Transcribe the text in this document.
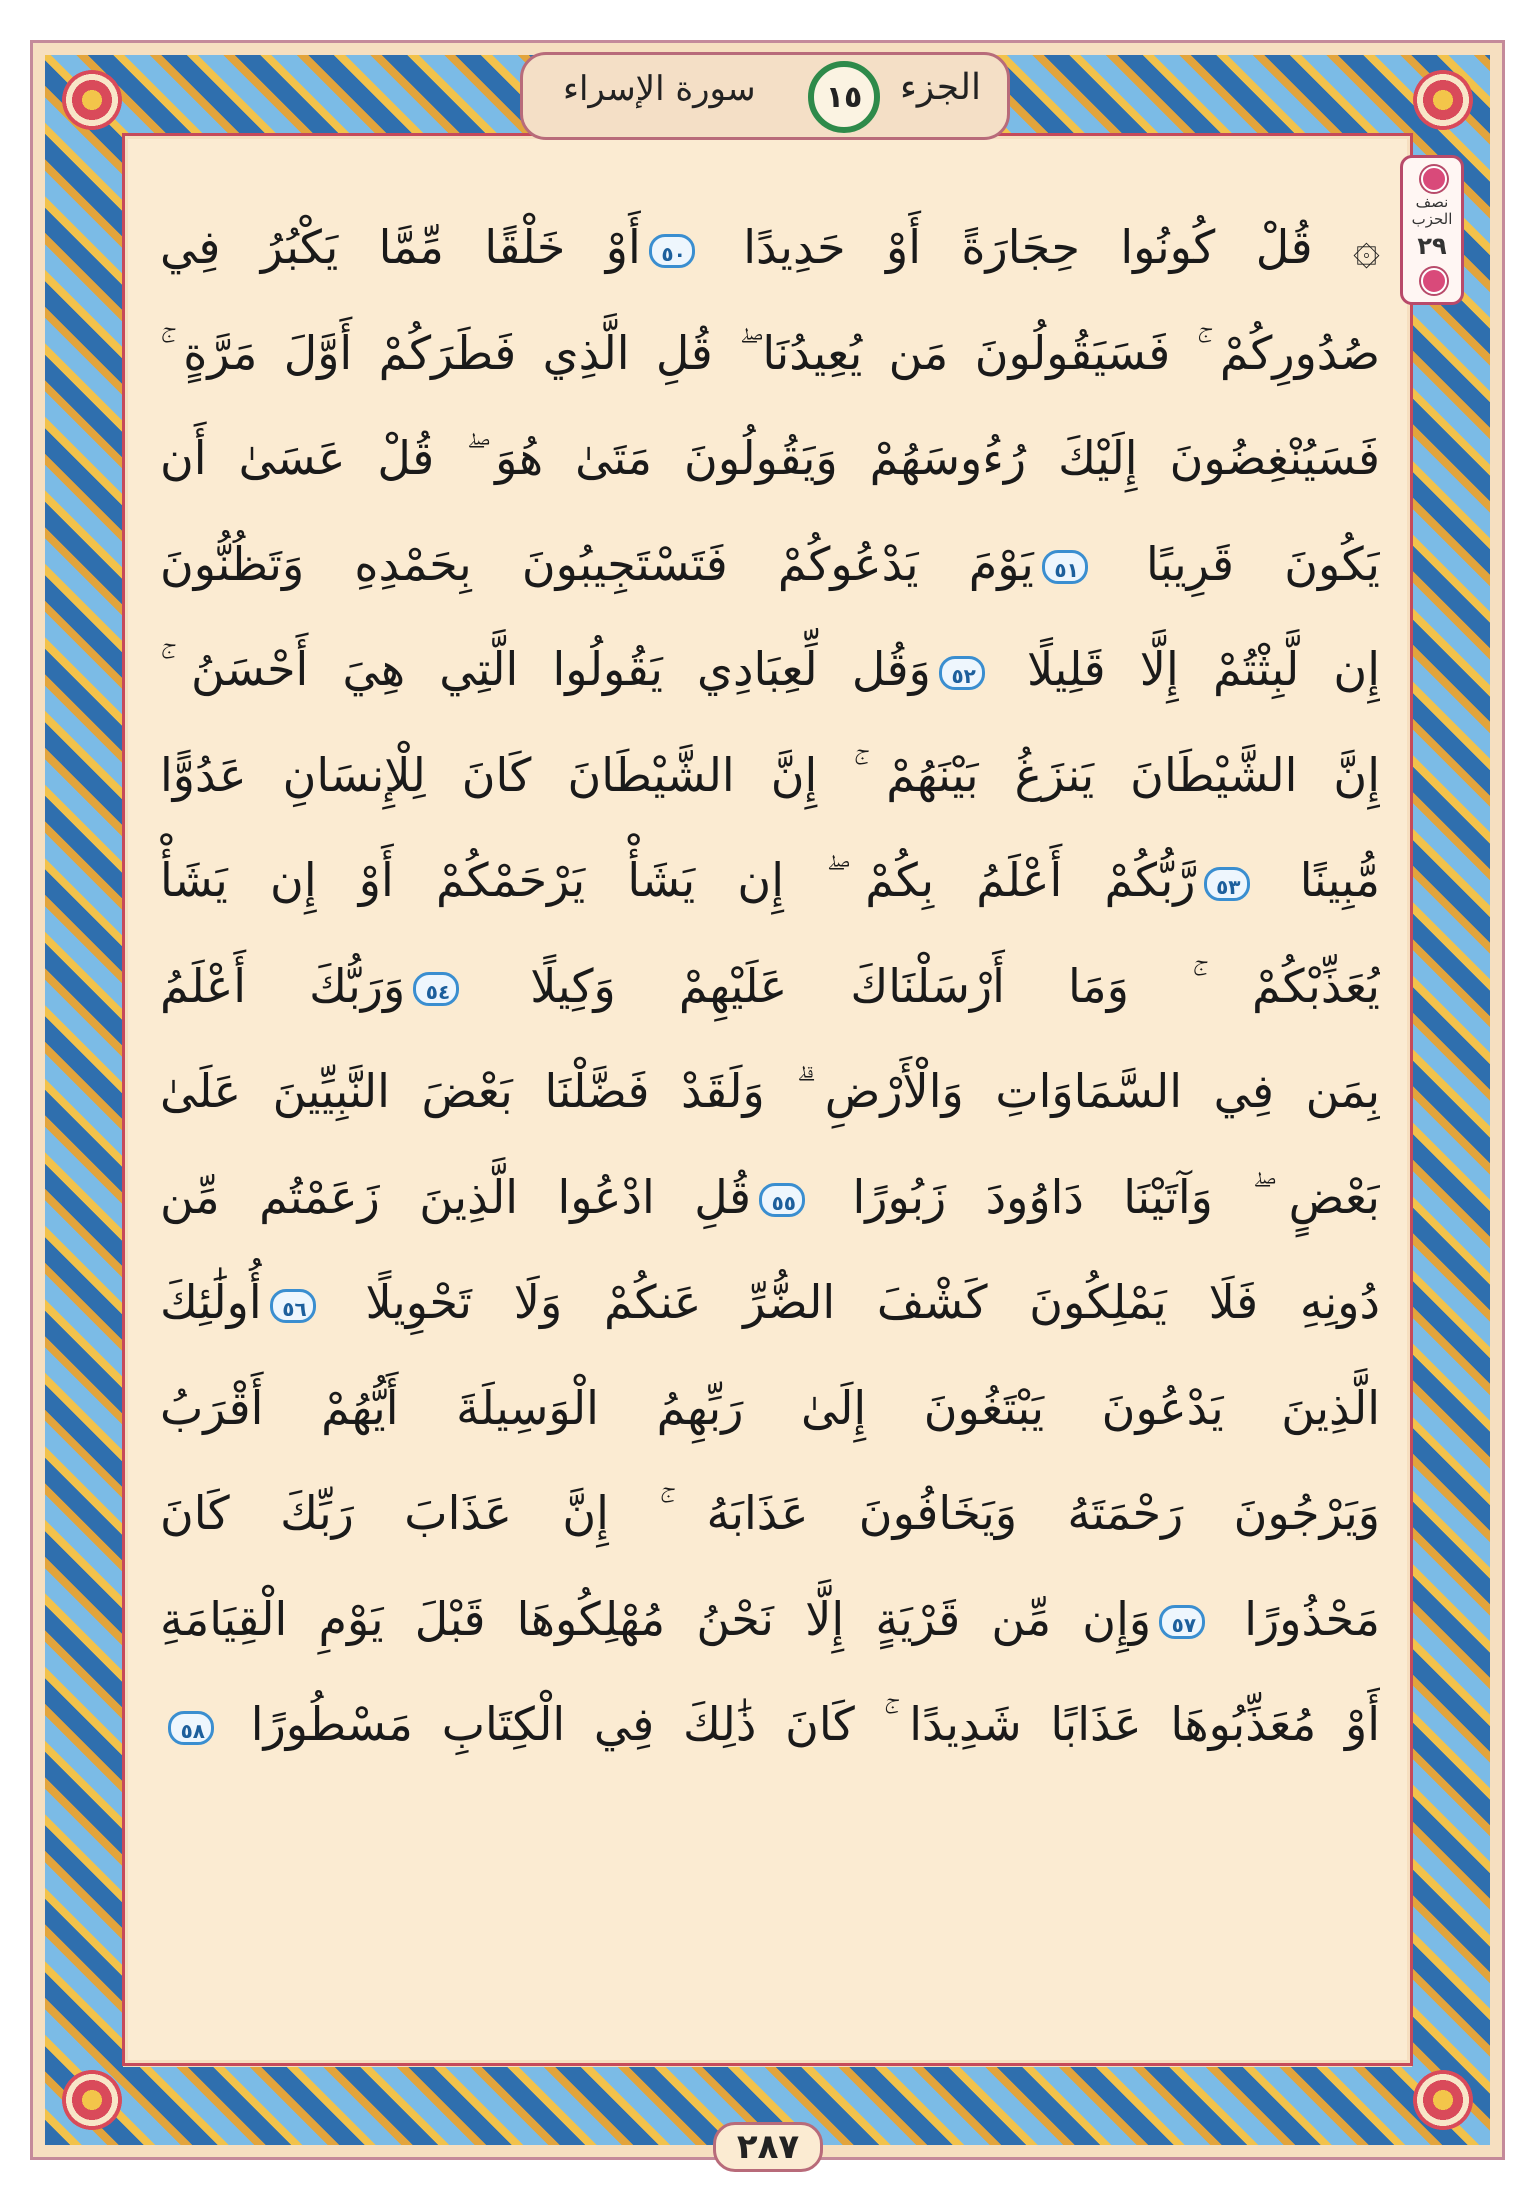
الجزء
١٥
سورة الإسراء
نصف الحزب
٢٩
۞ قُلْ كُونُوا حِجَارَةً أَوْ حَدِيدًا ٥٠أَوْ خَلْقًا مِّمَّا يَكْبُرُ فِي
صُدُورِكُمْ ۚ فَسَيَقُولُونَ مَن يُعِيدُنَا ۖ قُلِ الَّذِي فَطَرَكُمْ أَوَّلَ مَرَّةٍ ۚ
فَسَيُنْغِضُونَ إِلَيْكَ رُءُوسَهُمْ وَيَقُولُونَ مَتَىٰ هُوَ ۖ قُلْ عَسَىٰ أَن
يَكُونَ قَرِيبًا ٥١يَوْمَ يَدْعُوكُمْ فَتَسْتَجِيبُونَ بِحَمْدِهِ وَتَظُنُّونَ
إِن لَّبِثْتُمْ إِلَّا قَلِيلًا ٥٢وَقُل لِّعِبَادِي يَقُولُوا الَّتِي هِيَ أَحْسَنُ ۚ
إِنَّ الشَّيْطَانَ يَنزَغُ بَيْنَهُمْ ۚ إِنَّ الشَّيْطَانَ كَانَ لِلْإِنسَانِ عَدُوًّا
مُّبِينًا ٥٣رَّبُّكُمْ أَعْلَمُ بِكُمْ ۖ إِن يَشَأْ يَرْحَمْكُمْ أَوْ إِن يَشَأْ
يُعَذِّبْكُمْ ۚ وَمَا أَرْسَلْنَاكَ عَلَيْهِمْ وَكِيلًا ٥٤وَرَبُّكَ أَعْلَمُ
بِمَن فِي السَّمَاوَاتِ وَالْأَرْضِ ۗ وَلَقَدْ فَضَّلْنَا بَعْضَ النَّبِيِّينَ عَلَىٰ
بَعْضٍ ۖ وَآتَيْنَا دَاوُودَ زَبُورًا ٥٥قُلِ ادْعُوا الَّذِينَ زَعَمْتُم مِّن
دُونِهِ فَلَا يَمْلِكُونَ كَشْفَ الضُّرِّ عَنكُمْ وَلَا تَحْوِيلًا ٥٦أُولَٰئِكَ
الَّذِينَ يَدْعُونَ يَبْتَغُونَ إِلَىٰ رَبِّهِمُ الْوَسِيلَةَ أَيُّهُمْ أَقْرَبُ
وَيَرْجُونَ رَحْمَتَهُ وَيَخَافُونَ عَذَابَهُ ۚ إِنَّ عَذَابَ رَبِّكَ كَانَ
مَحْذُورًا ٥٧وَإِن مِّن قَرْيَةٍ إِلَّا نَحْنُ مُهْلِكُوهَا قَبْلَ يَوْمِ الْقِيَامَةِ
أَوْ مُعَذِّبُوهَا عَذَابًا شَدِيدًا ۚ كَانَ ذَٰلِكَ فِي الْكِتَابِ مَسْطُورًا ٥٨
٢٨٧
